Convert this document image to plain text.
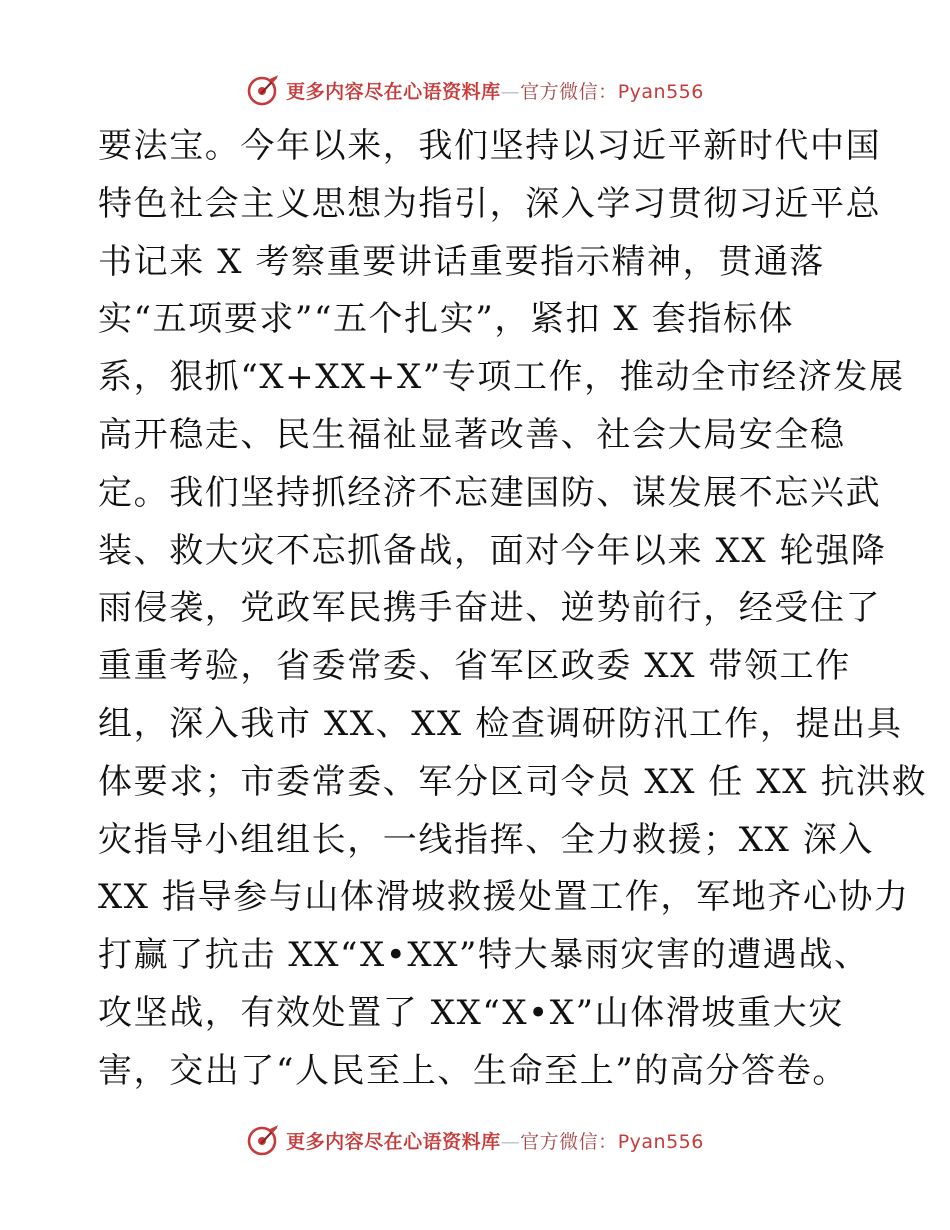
更多内容尽在心语资料库—官方微信：Pyan556
要法宝。今年以来，我们坚持以习近平新时代中国
特色社会主义思想为指引，深入学习贯彻习近平总
书记来 X 考察重要讲话重要指示精神，贯通落
实“五项要求”“五个扎实”，紧扣 X 套指标体
系，狠抓“X+XX+X”专项工作，推动全市经济发展
高开稳走、民生福祉显著改善、社会大局安全稳
定。我们坚持抓经济不忘建国防、谋发展不忘兴武
装、救大灾不忘抓备战，面对今年以来 XX 轮强降
雨侵袭，党政军民携手奋进、逆势前行，经受住了
重重考验，省委常委、省军区政委 XX 带领工作
组，深入我市 XX、XX 检查调研防汛工作，提出具
体要求；市委常委、军分区司令员 XX 任 XX 抗洪救
灾指导小组组长，一线指挥、全力救援；XX 深入
XX 指导参与山体滑坡救援处置工作，军地齐心协力
打赢了抗击 XX“X•XX”特大暴雨灾害的遭遇战、
攻坚战，有效处置了 XX“X•X”山体滑坡重大灾
害，交出了“人民至上、生命至上”的高分答卷。
更多内容尽在心语资料库—官方微信：Pyan556
